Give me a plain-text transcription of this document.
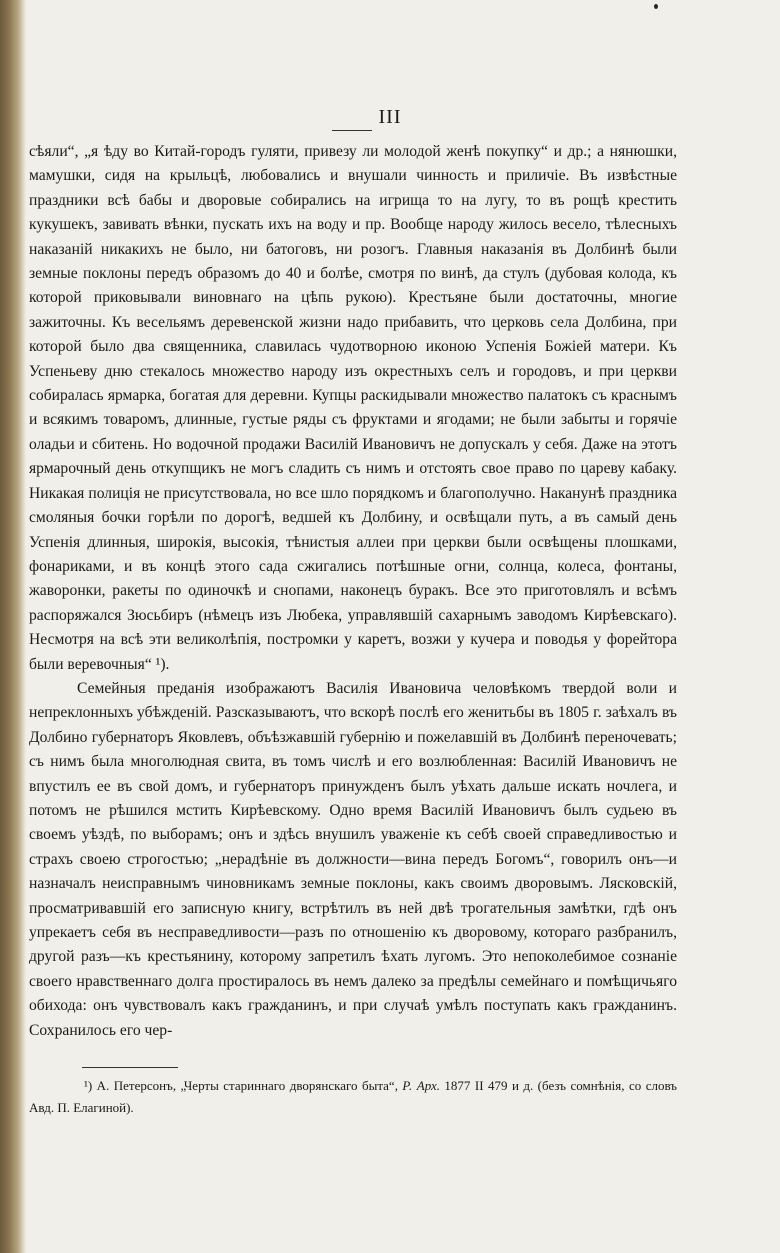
III

сѣяли“, „я ѣду во Китай-городъ гуляти, привезу ли молодой женѣ покупку“ и др.; а нянюшки, мамушки, сидя на крыльцѣ, любовались и внушали чинность и приличіе. Въ извѣстные праздники всѣ бабы и дворовые собирались на игрища то на лугу, то въ рощѣ крестить кукушекъ, завивать вѣнки, пускать ихъ на воду и пр. Вообще народу жилось весело, тѣлесныхъ наказаній никакихъ не было, ни батоговъ, ни розогъ. Главныя наказанія въ Долбинѣ были земные поклоны передъ образомъ до 40 и болѣе, смотря по винѣ, да стулъ (дубовая колода, къ которой приковывали виновнаго на цѣпь рукою). Крестьяне были достаточны, многие зажиточны. Къ весельямъ деревенской жизни надо прибавить, что церковь села Долбина, при которой было два священника, славилась чудотворною иконою Успенія Божіей матери. Къ Успеньеву дню стекалось множество народу изъ окрестныхъ селъ и городовъ, и при церкви собиралась ярмарка, богатая для деревни. Купцы раскидывали множество палатокъ съ краснымъ и всякимъ товаромъ, длинные, густые ряды съ фруктами и ягодами; не были забыты и горячіе оладьи и сбитень. Но водочной продажи Василій Ивановичъ не допускалъ у себя. Даже на этотъ ярмарочный день откупщикъ не могъ сладить съ нимъ и отстоять свое право по цареву кабаку. Никакая полиція не присутствовала, но все шло порядкомъ и благополучно. Наканунѣ праздника смоляныя бочки горѣли по дорогѣ, ведшей къ Долбину, и освѣщали путь, а въ самый день Успенія длинныя, широкія, высокія, тѣнистыя аллеи при церкви были освѣщены плошками, фонариками, и въ концѣ этого сада сжигались потѣшные огни, солнца, колеса, фонтаны, жаворонки, ракеты по одиночкѣ и снопами, наконецъ буракъ. Все это приготовлялъ и всѣмъ распоряжался Зюсьбиръ (нѣмецъ изъ Любека, управлявшій сахарнымъ заводомъ Кирѣевскаго). Несмотря на всѣ эти великолѣпія, постромки у каретъ, возжи у кучера и поводья у форейтора были веревочныя“ ¹).

Семейныя преданія изображаютъ Василія Ивановича человѣкомъ твердой воли и непреклонныхъ убѣжденій. Разсказываютъ, что вскорѣ послѣ его женитьбы въ 1805 г. заѣхалъ въ Долбино губернаторъ Яковлевъ, объѣзжавшій губернію и пожелавшій въ Долбинѣ переночевать; съ нимъ была многолюдная свита, въ томъ числѣ и его возлюбленная: Василій Ивановичъ не впустилъ ее въ свой домъ, и губернаторъ принужденъ былъ уѣхать дальше искать ночлега, и потомъ не рѣшился мстить Кирѣевскому. Одно время Василій Ивановичъ былъ судьею въ своемъ уѣздѣ, по выборамъ; онъ и здѣсь внушилъ уваженіе къ себѣ своей справедливостью и страхъ своею строгостью; „нерадѣніе въ должности—вина передъ Богомъ“, говорилъ онъ—и назначалъ неисправнымъ чиновникамъ земные поклоны, какъ своимъ дворовымъ. Лясковскій, просматривавшій его записную книгу, встрѣтилъ въ ней двѣ трогательныя замѣтки, гдѣ онъ упрекаетъ себя въ несправедливости—разъ по отношенію къ дворовому, котораго разбранилъ, другой разъ—къ крестьянину, которому запретилъ ѣхать лугомъ. Это непоколебимое сознаніе своего нравственнаго долга простиралось въ немъ далеко за предѣлы семейнаго и помѣщичьяго обихода: онъ чувствовалъ какъ гражданинъ, и при случаѣ умѣлъ поступать какъ гражданинъ. Сохранилось его чер-

¹) А. Петерсонъ, „Черты стариннаго дворянскаго быта“, Р. Арх. 1877 II 479 и д. (безъ сомнѣнія, со словъ Авд. П. Елагиной).
